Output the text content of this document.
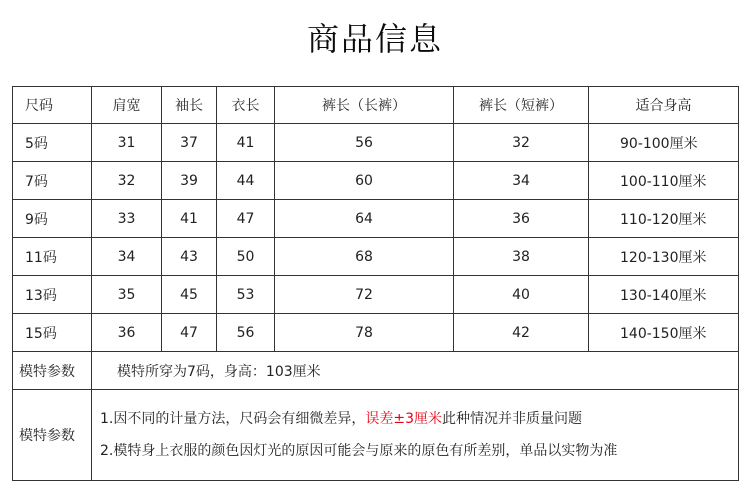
商品信息
尺码	肩宽	袖长	衣长	裤长（长裤）	裤长（短裤）	适合身高
5码	31	37	41	56	32	90-100厘米
7码	32	39	44	60	34	100-110厘米
9码	33	41	47	64	36	110-120厘米
11码	34	43	50	68	38	120-130厘米
13码	35	45	53	72	40	130-140厘米
15码	36	47	56	78	42	140-150厘米
模特参数	模特所穿为7码，身高：103厘米					
模特参数	1.因不同的计量方法，尺码会有细微差异，误差±3厘米此种情况并非质量问题
2.模特身上衣服的颜色因灯光的原因可能会与原来的原色有所差别，单品以实物为准					
